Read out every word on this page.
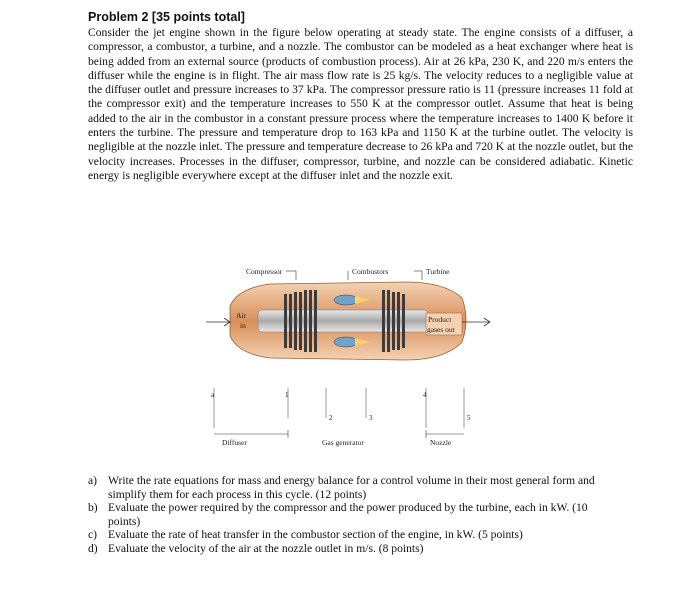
Problem 2 [35 points total]

Consider the jet engine shown in the figure below operating at steady state. The engine consists of a diffuser, a compressor, a combustor, a turbine, and a nozzle. The combustor can be modeled as a heat exchanger where heat is being added from an external source (products of combustion process). Air at 26 kPa, 230 K, and 220 m/s enters the diffuser while the engine is in flight. The air mass flow rate is 25 kg/s. The velocity reduces to a negligible value at the diffuser outlet and pressure increases to 37 kPa. The compressor pressure ratio is 11 (pressure increases 11 fold at the compressor exit) and the temperature increases to 550 K at the compressor outlet. Assume that heat is being added to the air in the combustor in a constant pressure process where the temperature increases to 1400 K before it enters the turbine. The pressure and temperature drop to 163 kPa and 1150 K at the turbine outlet. The velocity is negligible at the nozzle inlet. The pressure and temperature decrease to 26 kPa and 720 K at the nozzle outlet, but the velocity increases. Processes in the diffuser, compressor, turbine, and nozzle can be considered adiabatic. Kinetic energy is negligible everywhere except at the diffuser inlet and the nozzle exit.

Compressor	Combustors	Turbine
Air
in
Product
gases out
a	1
2	3
4
5
Diffuser	Gas generator	Nozzle
a) Write the rate equations for mass and energy balance for a control volume in their most general form and simplify them for each process in this cycle. (12 points)
b) Evaluate the power required by the compressor and the power produced by the turbine, each in kW. (10 points)
c) Evaluate the rate of heat transfer in the combustor section of the engine, in kW. (5 points)
d) Evaluate the velocity of the air at the nozzle outlet in m/s. (8 points)
